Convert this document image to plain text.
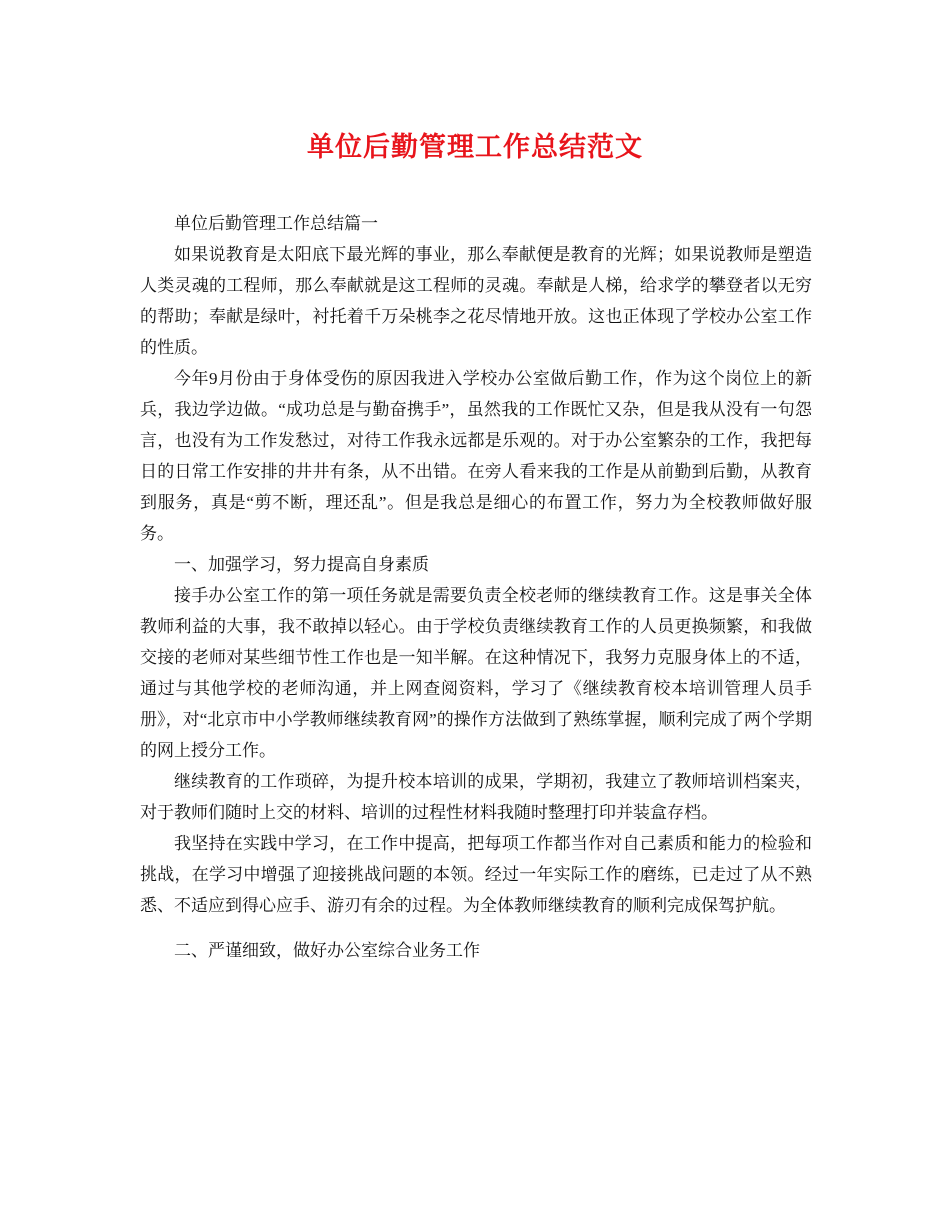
单位后勤管理工作总结范文

单位后勤管理工作总结篇一

如果说教育是太阳底下最光辉的事业，那么奉献便是教育的光辉；如果说教师是塑造人类灵魂的工程师，那么奉献就是这工程师的灵魂。奉献是人梯，给求学的攀登者以无穷的帮助；奉献是绿叶，衬托着千万朵桃李之花尽情地开放。这也正体现了学校办公室工作的性质。

今年9月份由于身体受伤的原因我进入学校办公室做后勤工作，作为这个岗位上的新兵，我边学边做。“成功总是与勤奋携手”，虽然我的工作既忙又杂，但是我从没有一句怨言，也没有为工作发愁过，对待工作我永远都是乐观的。对于办公室繁杂的工作，我把每日的日常工作安排的井井有条，从不出错。在旁人看来我的工作是从前勤到后勤，从教育到服务，真是“剪不断，理还乱”。但是我总是细心的布置工作，努力为全校教师做好服务。

一、加强学习，努力提高自身素质

接手办公室工作的第一项任务就是需要负责全校老师的继续教育工作。这是事关全体教师利益的大事，我不敢掉以轻心。由于学校负责继续教育工作的人员更换频繁，和我做交接的老师对某些细节性工作也是一知半解。在这种情况下，我努力克服身体上的不适，通过与其他学校的老师沟通，并上网查阅资料，学习了《继续教育校本培训管理人员手册》，对“北京市中小学教师继续教育网”的操作方法做到了熟练掌握，顺利完成了两个学期的网上授分工作。

继续教育的工作琐碎，为提升校本培训的成果，学期初，我建立了教师培训档案夹，对于教师们随时上交的材料、培训的过程性材料我随时整理打印并装盒存档。

我坚持在实践中学习，在工作中提高，把每项工作都当作对自己素质和能力的检验和挑战，在学习中增强了迎接挑战问题的本领。经过一年实际工作的磨练，已走过了从不熟悉、不适应到得心应手、游刃有余的过程。为全体教师继续教育的顺利完成保驾护航。

二、严谨细致，做好办公室综合业务工作
